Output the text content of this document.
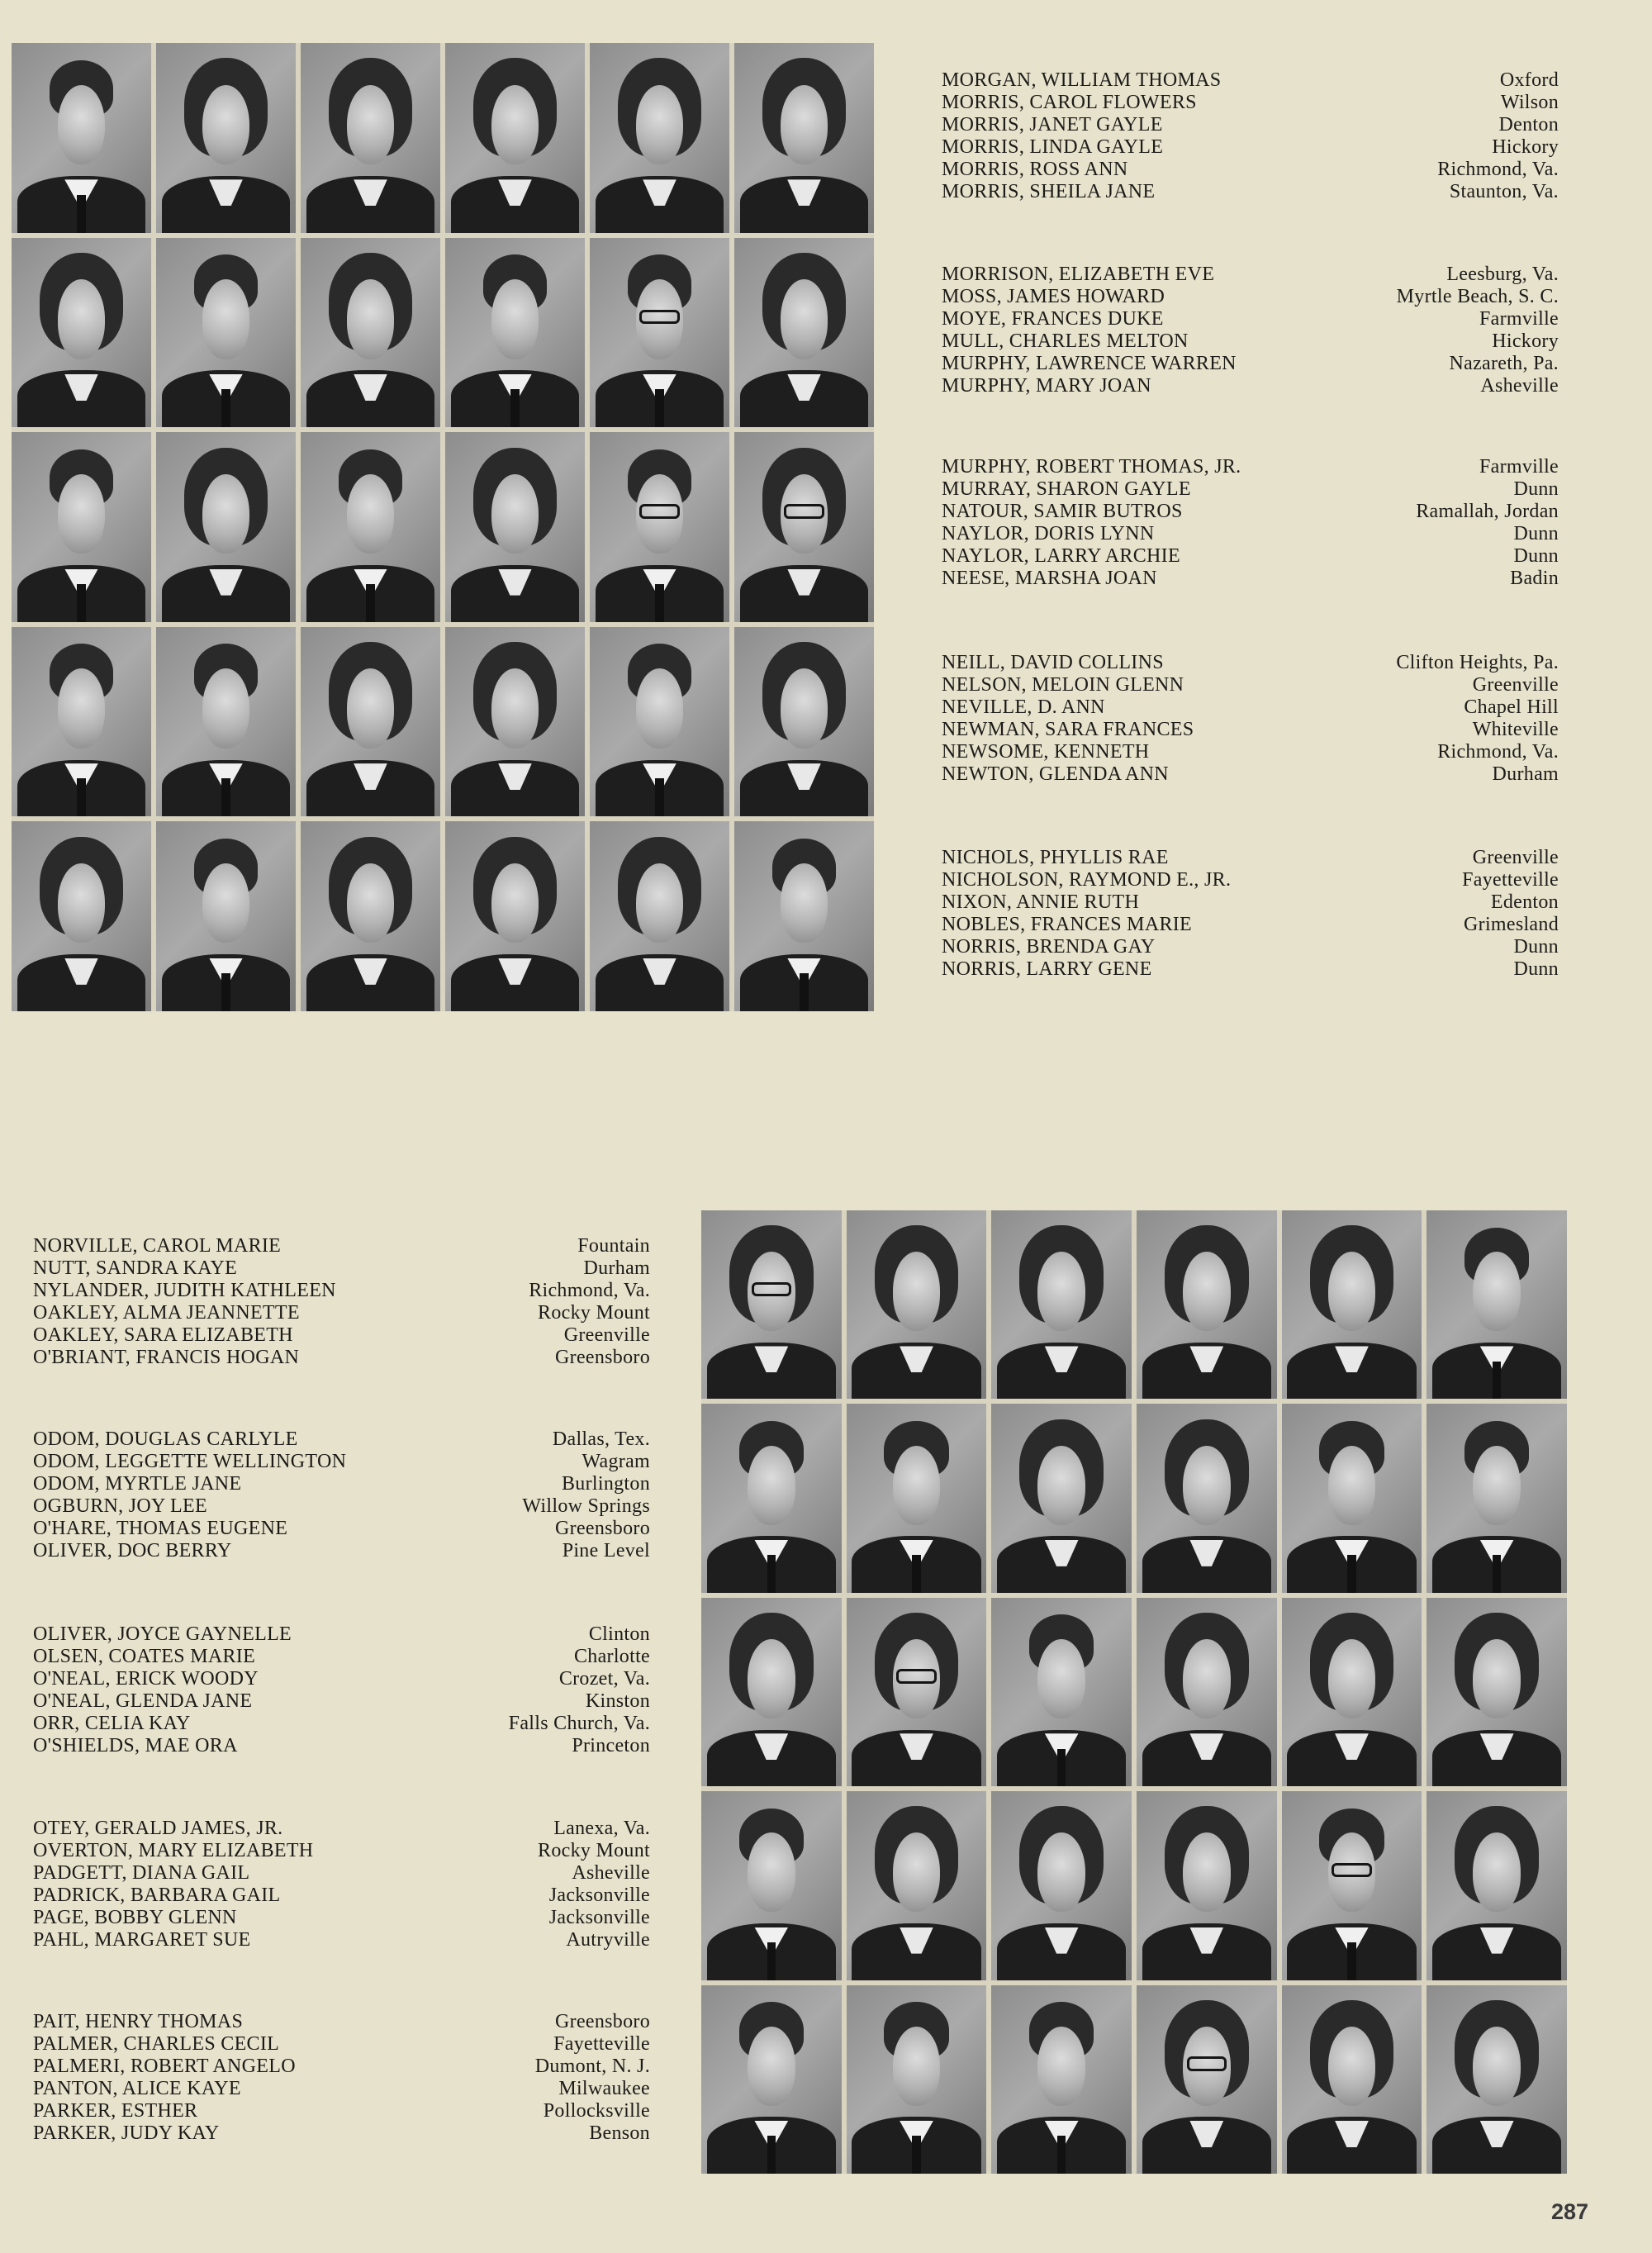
MORGAN, WILLIAM THOMAS	Oxford
MORRIS, CAROL FLOWERS	Wilson
MORRIS, JANET GAYLE	Denton
MORRIS, LINDA GAYLE	Hickory
MORRIS, ROSS ANN	Richmond, Va.
MORRIS, SHEILA JANE	Staunton, Va.
MORRISON, ELIZABETH EVE	Leesburg, Va.
MOSS, JAMES HOWARD	Myrtle Beach, S. C.
MOYE, FRANCES DUKE	Farmville
MULL, CHARLES MELTON	Hickory
MURPHY, LAWRENCE WARREN	Nazareth, Pa.
MURPHY, MARY JOAN	Asheville
MURPHY, ROBERT THOMAS, JR.	Farmville
MURRAY, SHARON GAYLE	Dunn
NATOUR, SAMIR BUTROS	Ramallah, Jordan
NAYLOR, DORIS LYNN	Dunn
NAYLOR, LARRY ARCHIE	Dunn
NEESE, MARSHA JOAN	Badin
NEILL, DAVID COLLINS	Clifton Heights, Pa.
NELSON, MELOIN GLENN	Greenville
NEVILLE, D. ANN	Chapel Hill
NEWMAN, SARA FRANCES	Whiteville
NEWSOME, KENNETH	Richmond, Va.
NEWTON, GLENDA ANN	Durham
NICHOLS, PHYLLIS RAE	Greenville
NICHOLSON, RAYMOND E., JR.	Fayetteville
NIXON, ANNIE RUTH	Edenton
NOBLES, FRANCES MARIE	Grimesland
NORRIS, BRENDA GAY	Dunn
NORRIS, LARRY GENE	Dunn
NORVILLE, CAROL MARIE	Fountain
NUTT, SANDRA KAYE	Durham
NYLANDER, JUDITH KATHLEEN	Richmond, Va.
OAKLEY, ALMA JEANNETTE	Rocky Mount
OAKLEY, SARA ELIZABETH	Greenville
O'BRIANT, FRANCIS HOGAN	Greensboro
ODOM, DOUGLAS CARLYLE	Dallas, Tex.
ODOM, LEGGETTE WELLINGTON	Wagram
ODOM, MYRTLE JANE	Burlington
OGBURN, JOY LEE	Willow Springs
O'HARE, THOMAS EUGENE	Greensboro
OLIVER, DOC BERRY	Pine Level
OLIVER, JOYCE GAYNELLE	Clinton
OLSEN, COATES MARIE	Charlotte
O'NEAL, ERICK WOODY	Crozet, Va.
O'NEAL, GLENDA JANE	Kinston
ORR, CELIA KAY	Falls Church, Va.
O'SHIELDS, MAE ORA	Princeton
OTEY, GERALD JAMES, JR.	Lanexa, Va.
OVERTON, MARY ELIZABETH	Rocky Mount
PADGETT, DIANA GAIL	Asheville
PADRICK, BARBARA GAIL	Jacksonville
PAGE, BOBBY GLENN	Jacksonville
PAHL, MARGARET SUE	Autryville
PAIT, HENRY THOMAS	Greensboro
PALMER, CHARLES CECIL	Fayetteville
PALMERI, ROBERT ANGELO	Dumont, N. J.
PANTON, ALICE KAYE	Milwaukee
PARKER, ESTHER	Pollocksville
PARKER, JUDY KAY	Benson
287
